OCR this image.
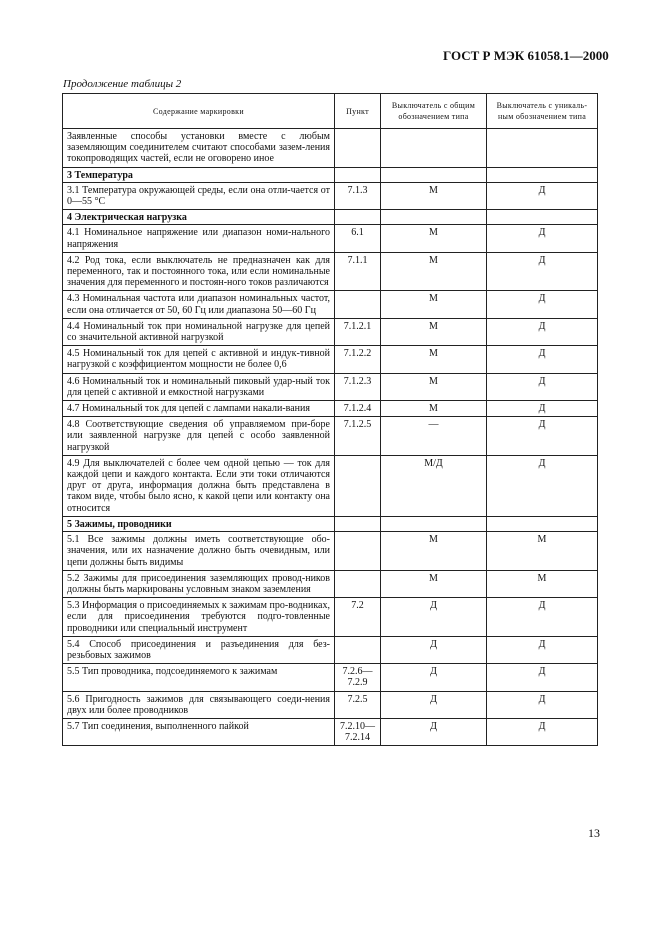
ГОСТ Р МЭК 61058.1—2000
Продолжение таблицы 2
Содержание маркировки	Пункт	Выключатель с общим обозначением типа	Выключатель с уникаль-ным обозначением типа
Заявленные способы установки вместе с любым заземляющим соединителем считают способами зазем-ления токопроводящих частей, если не оговорено иное			
3 Температура			
3.1 Температура окружающей среды, если она отли-чается от 0—55 °С	7.1.3	М	Д
4 Электрическая нагрузка			
4.1 Номинальное напряжение или диапазон номи-нального напряжения	6.1	М	Д
4.2 Род тока, если выключатель не предназначен как для переменного, так и постоянного тока, или если номинальные значения для переменного и постоян-ного токов различаются	7.1.1	М	Д
4.3 Номинальная частота или диапазон номинальных частот, если она отличается от 50, 60 Гц или диапазона 50—60 Гц		М	Д
4.4 Номинальный ток при номинальной нагрузке для цепей со значительной активной нагрузкой	7.1.2.1	М	Д
4.5 Номинальный ток для цепей с активной и индук-тивной нагрузкой с коэффициентом мощности не более 0,6	7.1.2.2	М	Д
4.6 Номинальный ток и номинальный пиковый удар-ный ток для цепей с активной и емкостной нагрузками	7.1.2.3	М	Д
4.7 Номинальный ток для цепей с лампами накали-вания	7.1.2.4	М	Д
4.8 Соответствующие сведения об управляемом при-боре или заявленной нагрузке для цепей с особо заявленной нагрузкой	7.1.2.5	—	Д
4.9 Для выключателей с более чем одной цепью — ток для каждой цепи и каждого контакта. Если эти токи отличаются друг от друга, информация должна быть представлена в таком виде, чтобы было ясно, к какой цепи или контакту она относится		М/Д	Д
5 Зажимы, проводники			
5.1 Все зажимы должны иметь соответствующие обо-значения, или их назначение должно быть очевидным, или цепи должны быть видимы		М	М
5.2 Зажимы для присоединения заземляющих провод-ников должны быть маркированы условным знаком заземления		М	М
5.3 Информация о присоединяемых к зажимам про-водниках, если для присоединения требуются подго-товленные проводники или специальный инструмент	7.2	Д	Д
5.4 Способ присоединения и разъединения для без-резьбовых зажимов		Д	Д
5.5 Тип проводника, подсоединяемого к зажимам	7.2.6— 7.2.9	Д	Д
5.6 Пригодность зажимов для связывающего соеди-нения двух или более проводников	7.2.5	Д	Д
5.7 Тип соединения, выполненного пайкой	7.2.10— 7.2.14	Д	Д
13
